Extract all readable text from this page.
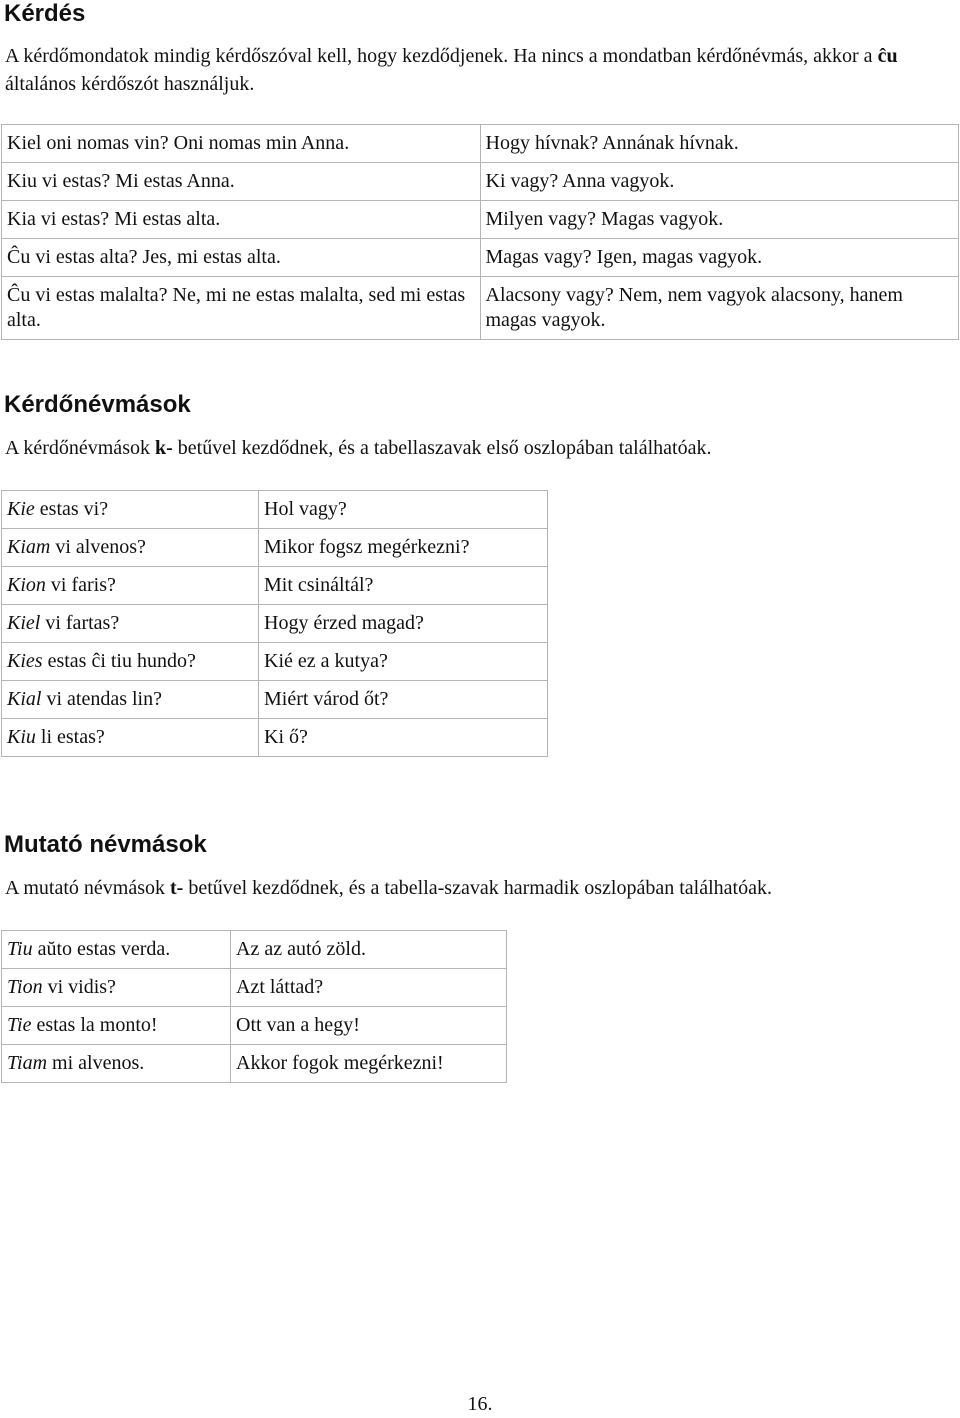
Kérdés

A kérdőmondatok mindig kérdőszóval kell, hogy kezdődjenek. Ha nincs a mondatban kérdőnévmás, akkor a ĉu általános kérdőszót használjuk.

Kiel oni nomas vin? Oni nomas min Anna.	Hogy hívnak? Annának hívnak.
Kiu vi estas? Mi estas Anna.	Ki vagy? Anna vagyok.
Kia vi estas? Mi estas alta.	Milyen vagy? Magas vagyok.
Ĉu vi estas alta? Jes, mi estas alta.	Magas vagy? Igen, magas vagyok.
Ĉu vi estas malalta? Ne, mi ne estas malalta, sed mi estas alta.	Alacsony vagy? Nem, nem vagyok alacsony, hanem magas vagyok.
Kérdőnévmások

A kérdőnévmások k- betűvel kezdődnek, és a tabellaszavak első oszlopában találhatóak.

Kie estas vi?	Hol vagy?
Kiam vi alvenos?	Mikor fogsz megérkezni?
Kion vi faris?	Mit csináltál?
Kiel vi fartas?	Hogy érzed magad?
Kies estas ĉi tiu hundo?	Kié ez a kutya?
Kial vi atendas lin?	Miért várod őt?
Kiu li estas?	Ki ő?
Mutató névmások

A mutató névmások t- betűvel kezdődnek, és a tabella-szavak harmadik oszlopában találhatóak.

Tiu aŭto estas verda.	Az az autó zöld.
Tion vi vidis?	Azt láttad?
Tie estas la monto!	Ott van a hegy!
Tiam mi alvenos.	Akkor fogok megérkezni!
16.
